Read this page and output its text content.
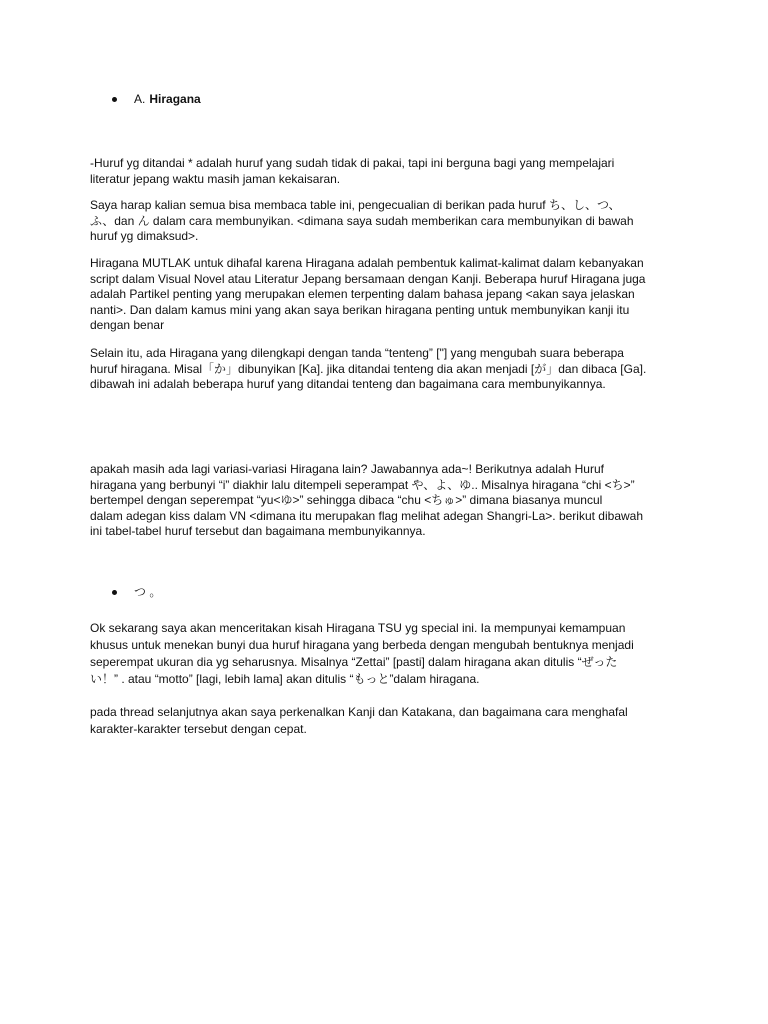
A. Hiragana

-Huruf yg ditandai * adalah huruf yang sudah tidak di pakai, tapi ini berguna bagi yang mempelajari
literatur jepang waktu masih jaman kekaisaran.

Saya harap kalian semua bisa membaca table ini, pengecualian di berikan pada huruf ち、し、つ、
ふ、dan ん dalam cara membunyikan. <dimana saya sudah memberikan cara membunyikan di bawah
huruf yg dimaksud>.

Hiragana MUTLAK untuk dihafal karena Hiragana adalah pembentuk kalimat-kalimat dalam kebanyakan
script dalam Visual Novel atau Literatur Jepang bersamaan dengan Kanji. Beberapa huruf Hiragana juga
adalah Partikel penting yang merupakan elemen terpenting dalam bahasa jepang <akan saya jelaskan
nanti>. Dan dalam kamus mini yang akan saya berikan hiragana penting untuk membunyikan kanji itu
dengan benar

Selain itu, ada Hiragana yang dilengkapi dengan tanda “tenteng” ["] yang mengubah suara beberapa
huruf hiragana. Misal「か」dibunyikan [Ka]. jika ditandai tenteng dia akan menjadi [が」dan dibaca [Ga].
dibawah ini adalah beberapa huruf yang ditandai tenteng dan bagaimana cara membunyikannya.

apakah masih ada lagi variasi-variasi Hiragana lain? Jawabannya ada~! Berikutnya adalah Huruf
hiragana yang berbunyi “i” diakhir lalu ditempeli seperampat や、よ、ゆ.. Misalnya hiragana “chi <ち>”
bertempel dengan seperempat “yu<ゆ>” sehingga dibaca “chu <ちゅ>” dimana biasanya muncul
dalam adegan kiss dalam VN <dimana itu merupakan flag melihat adegan Shangri-La>. berikut dibawah
ini tabel-tabel huruf tersebut dan bagaimana membunyikannya.

つ 。

Ok sekarang saya akan menceritakan kisah Hiragana TSU yg special ini. Ia mempunyai kemampuan
khusus untuk menekan bunyi dua huruf hiragana yang berbeda dengan mengubah bentuknya menjadi
seperempat ukuran dia yg seharusnya. Misalnya “Zettai” [pasti] dalam hiragana akan ditulis “ぜった
い！” . atau “motto” [lagi, lebih lama] akan ditulis “もっと”dalam hiragana.

pada thread selanjutnya akan saya perkenalkan Kanji dan Katakana, dan bagaimana cara menghafal
karakter-karakter tersebut dengan cepat.
